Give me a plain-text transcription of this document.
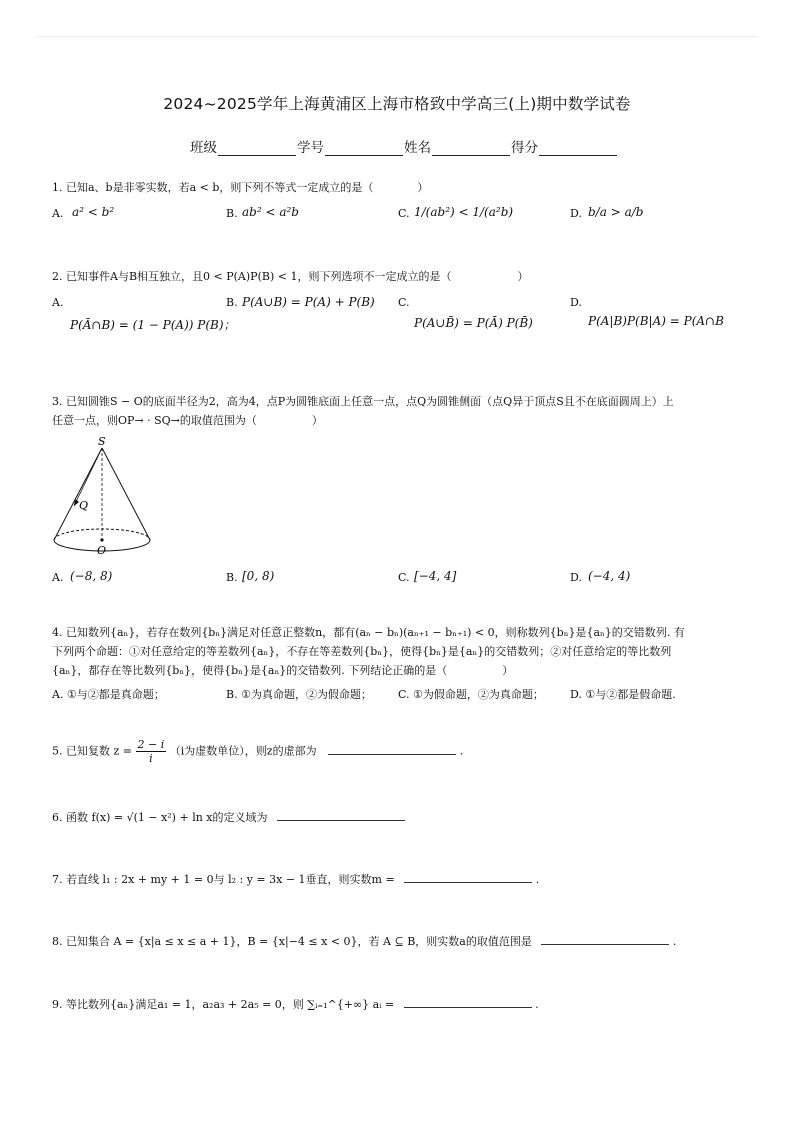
2024~2025学年上海黄浦区上海市格致中学高三(上)期中数学试卷
班级	学号	姓名	得分
1. 已知a、b是非零实数，若a < b，则下列不等式一定成立的是（　　　　）
A. a² < b²	B. ab² < a²b	C. 1/(ab²) < 1/(a²b)	D. b/a > a/b
2. 已知事件A与B相互独立，且0 < P(A)P(B) < 1，则下列选项不一定成立的是（　　　　　　）
A.
P(Ā∩B) = (1 − P(A)) P(B)；
B. P(A∪B) = P(A) + P(B) C.
P(A∪B̄) = P(Ā) P(B̄)
D.
P(A|B)P(B|A) = P(A∩B
3. 已知圆锥S − O的底面半径为2，高为4，点P为圆锥底面上任意一点，点Q为圆锥侧面（点Q异于顶点S且不在底面圆周上）上
任意一点，则OP→ · SQ→的取值范围为（　　　　　）
S
Q
O
A. (−8, 8)	B. [0, 8)	C. [−4, 4]	D. (−4, 4)
4. 已知数列{aₙ}，若存在数列{bₙ}满足对任意正整数n，都有(aₙ − bₙ)(aₙ₊₁ − bₙ₊₁) < 0，则称数列{bₙ}是{aₙ}的交错数列. 有
下列两个命题：①对任意给定的等差数列{aₙ}，不存在等差数列{bₙ}，使得{bₙ}是{aₙ}的交错数列；②对任意给定的等比数列
{aₙ}，都存在等比数列{bₙ}，使得{bₙ}是{aₙ}的交错数列. 下列结论正确的是（　　　　　）
A. ①与②都是真命题；	B. ①为真命题，②为假命题； C. ①为假命题，②为真命题； D. ①与②都是假命题.
5. 已知复数 $z = \frac{2 - i}{i} (i$为虚数单位），则z的虚部为	.
6. 函数 f(x) = √(1 − x²) + ln x的定义域为
7. 若直线 l₁ : 2x + my + 1 = 0与 l₂ : y = 3x − 1垂直，则实数m =	.
8. 已知集合 A = {x|a ≤ x ≤ a + 1}，B = {x|−4 ≤ x < 0}，若 A ⊆ B，则实数a的取值范围是	.
9. 等比数列{aₙ}满足a₁ = 1，a₂a₃ + 2a₅ = 0，则 ∑ᵢ₌₁^{+∞} aᵢ =	.
